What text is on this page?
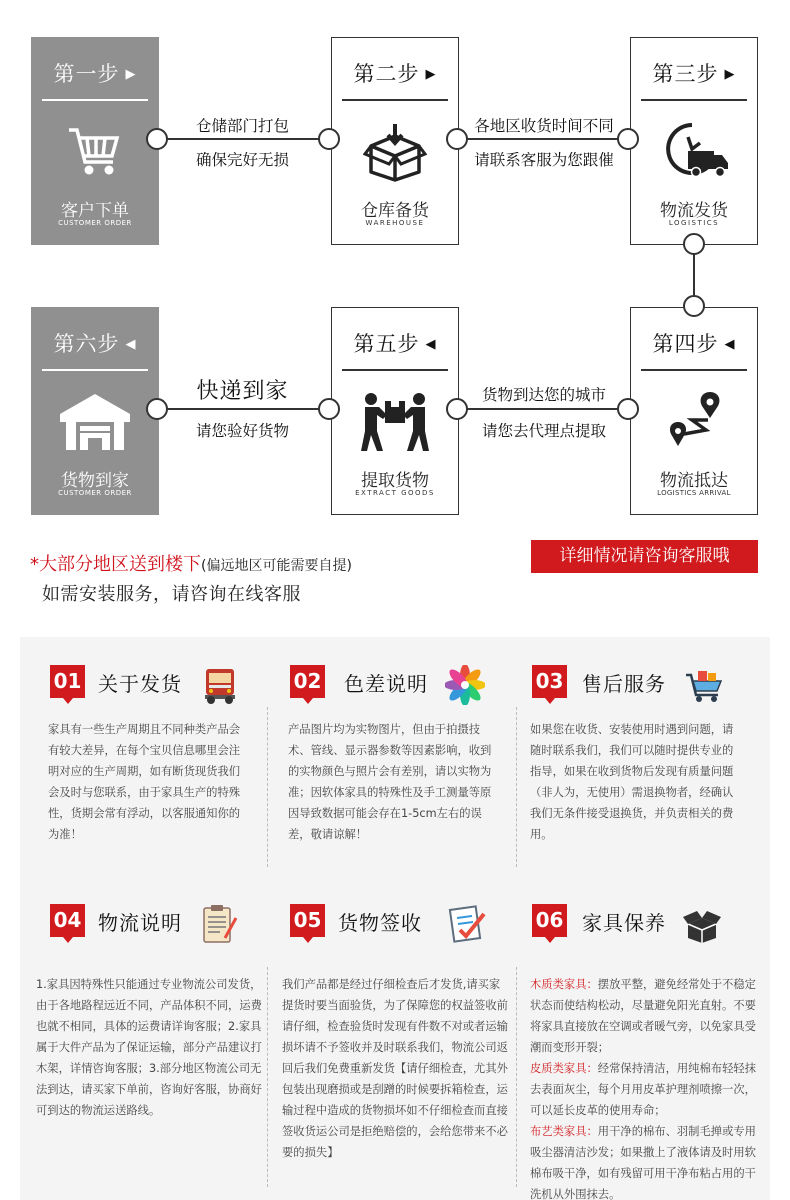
第一步 ▶
客户下单
CUSTOMER ORDER
第二步 ▶
仓库备货
WAREHOUSE
第三步 ▶
物流发货
LOGISTICS
第四步 ◀
物流抵达
LOGISTICS ARRIVAL
第五步 ◀
提取货物
EXTRACT GOODS
第六步 ◀
货物到家
CUSTOMER ORDER
仓储部门打包
确保完好无损
各地区收货时间不同
请联系客服为您跟催
货物到达您的城市
请您去代理点提取
快递到家
请您验好货物
*大部分地区送到楼下(偏远地区可能需要自提)
如需安装服务，请咨询在线客服
详细情况请咨询客服哦
01 关于发货
家具有一些生产周期且不同种类产品会有较大差异，在每个宝贝信息哪里会注明对应的生产周期，如有断货现货我们会及时与您联系，由于家具生产的特殊性，货期会常有浮动，以客服通知你的为准！
02 色差说明
产品图片均为实物图片，但由于拍摄技术、管线、显示器参数等因素影响，收到的实物颜色与照片会有差别，请以实物为准；因软体家具的特殊性及手工测量等原因导致数据可能会存在1-5cm左右的误差，敬请谅解！
03 售后服务
如果您在收货、安装使用时遇到问题，请随时联系我们，我们可以随时提供专业的指导，如果在收到货物后发现有质量问题（非人为，无使用）需退换物者，经确认我们无条件接受退换货，并负责相关的费用。
04 物流说明
1.家具因特殊性只能通过专业物流公司发货，由于各地路程远近不同，产品体积不同，运费也就不相同，具体的运费请详询客服；2.家具属于大件产品为了保证运输，部分产品建议打木架，详情咨询客服；3.部分地区物流公司无法到达，请买家下单前，咨询好客服，协商好可到达的物流运送路线。
05 货物签收
我们产品都是经过仔细检查后才发货,请买家提货时要当面验货，为了保障您的权益签收前请仔细，检查验货时发现有件数不对或者运输损坏请不予签收并及时联系我们，物流公司返回后我们免费重新发货【请仔细检查，尤其外包装出现磨损或是刮蹭的时候要拆箱检查，运输过程中造成的货物损坏如不仔细检查而直接签收货运公司是拒绝赔偿的，会给您带来不必要的损失】
06 家具保养
木质类家具：摆放平整，避免经常处于不稳定状态而使结构松动，尽量避免阳光直射。不要将家具直接放在空调或者暖气旁，以免家具受潮而变形开裂；
皮质类家具：经常保持清洁，用纯棉布轻轻抹去表面灰尘，每个月用皮革护理剂喷擦一次，可以延长皮革的使用寿命；
布艺类家具：用干净的棉布、羽制毛掸或专用吸尘器清洁沙发；如果撒上了液体请及时用软棉布吸干净，如有残留可用干净布粘占用的干洗机从外围抹去。
